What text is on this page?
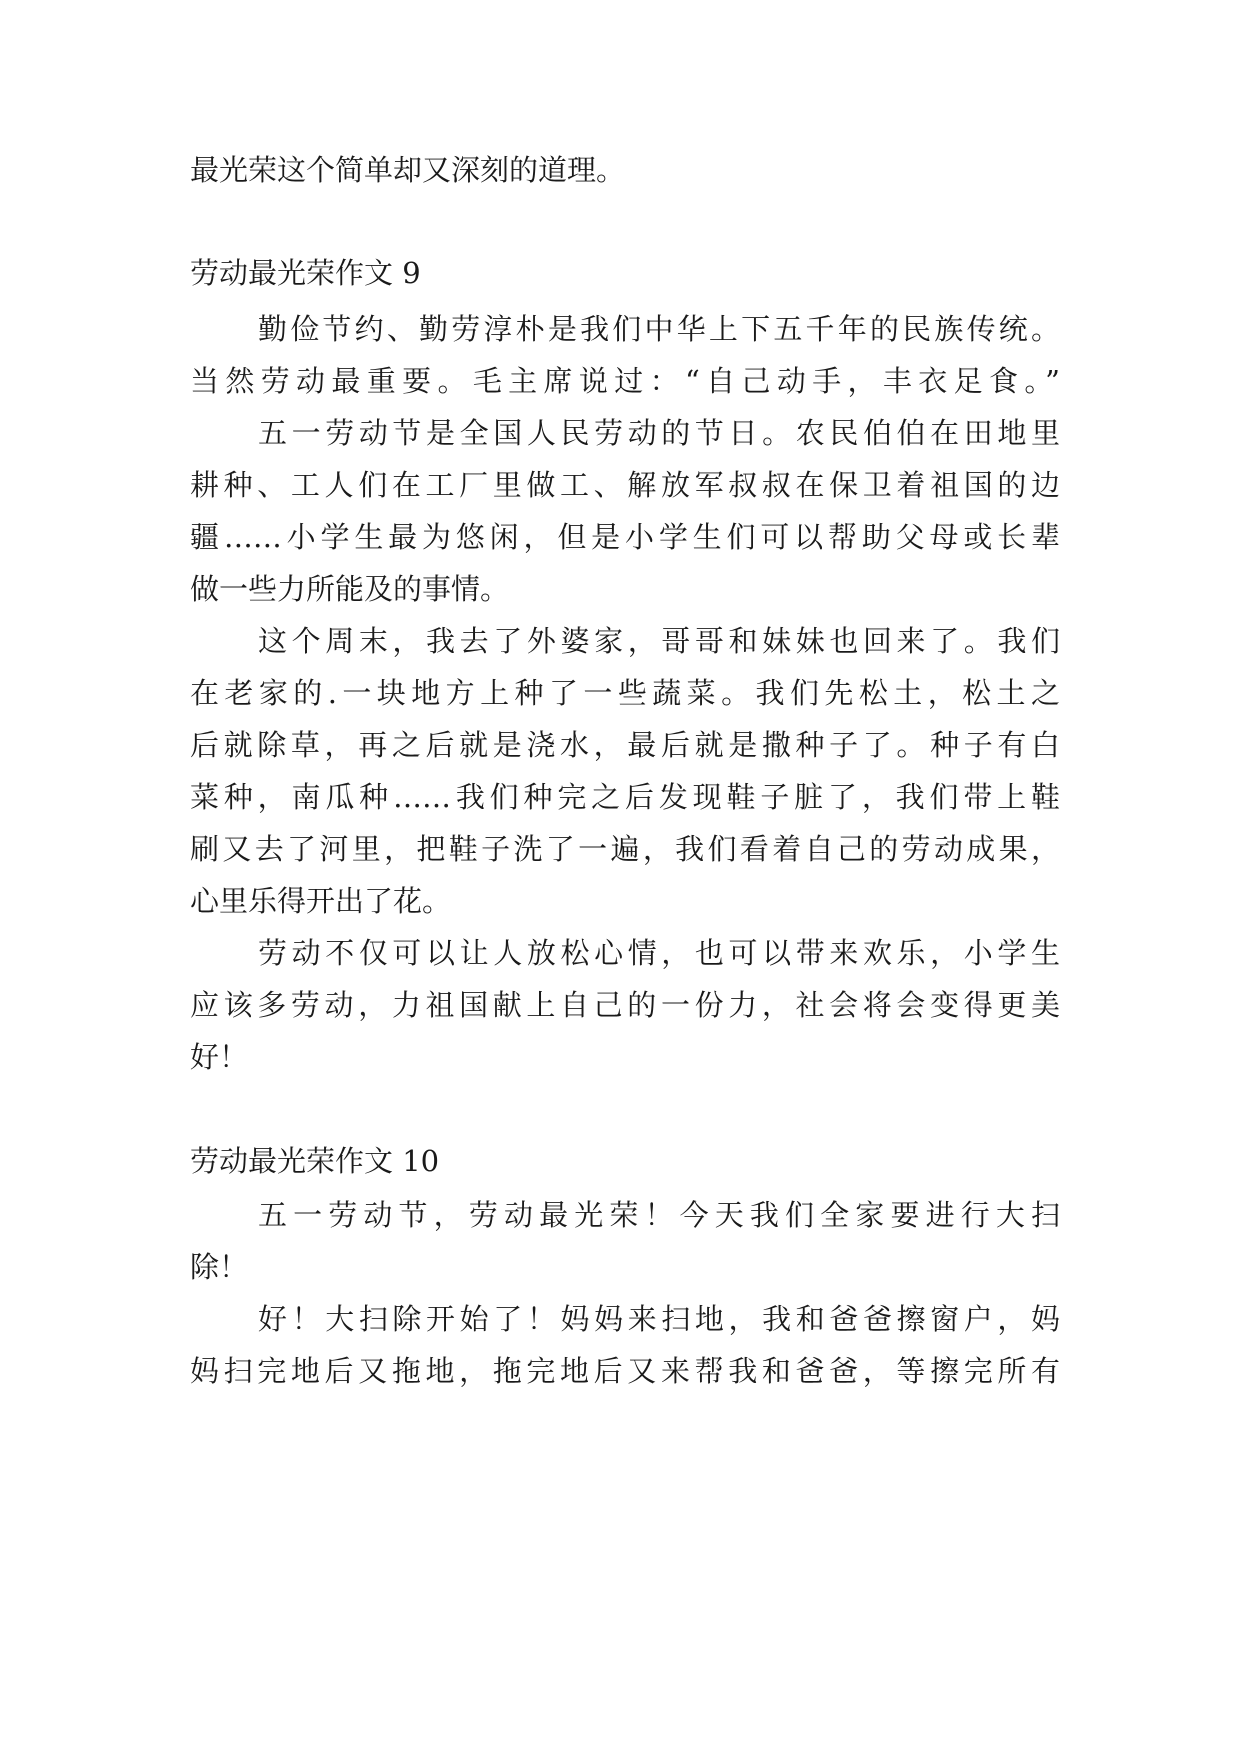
最光荣这个简单却又深刻的道理。
劳动最光荣作文 9
勤俭节约、勤劳淳朴是我们中华上下五千年的民族传统。
当然劳动最重要。毛主席说过：“自己动手，丰衣足食。”
五一劳动节是全国人民劳动的节日。农民伯伯在田地里
耕种、工人们在工厂里做工、解放军叔叔在保卫着祖国的边
疆……小学生最为悠闲，但是小学生们可以帮助父母或长辈
做一些力所能及的事情。
这个周末，我去了外婆家，哥哥和妹妹也回来了。我们
在老家的.一块地方上种了一些蔬菜。我们先松土，松土之
后就除草，再之后就是浇水，最后就是撒种子了。种子有白
菜种，南瓜种……我们种完之后发现鞋子脏了，我们带上鞋
刷又去了河里，把鞋子洗了一遍，我们看着自己的劳动成果，
心里乐得开出了花。
劳动不仅可以让人放松心情，也可以带来欢乐，小学生
应该多劳动，力祖国献上自己的一份力，社会将会变得更美
好！
劳动最光荣作文 10
五一劳动节，劳动最光荣！今天我们全家要进行大扫
除！
好！大扫除开始了！妈妈来扫地，我和爸爸擦窗户，妈
妈扫完地后又拖地，拖完地后又来帮我和爸爸，等擦完所有
